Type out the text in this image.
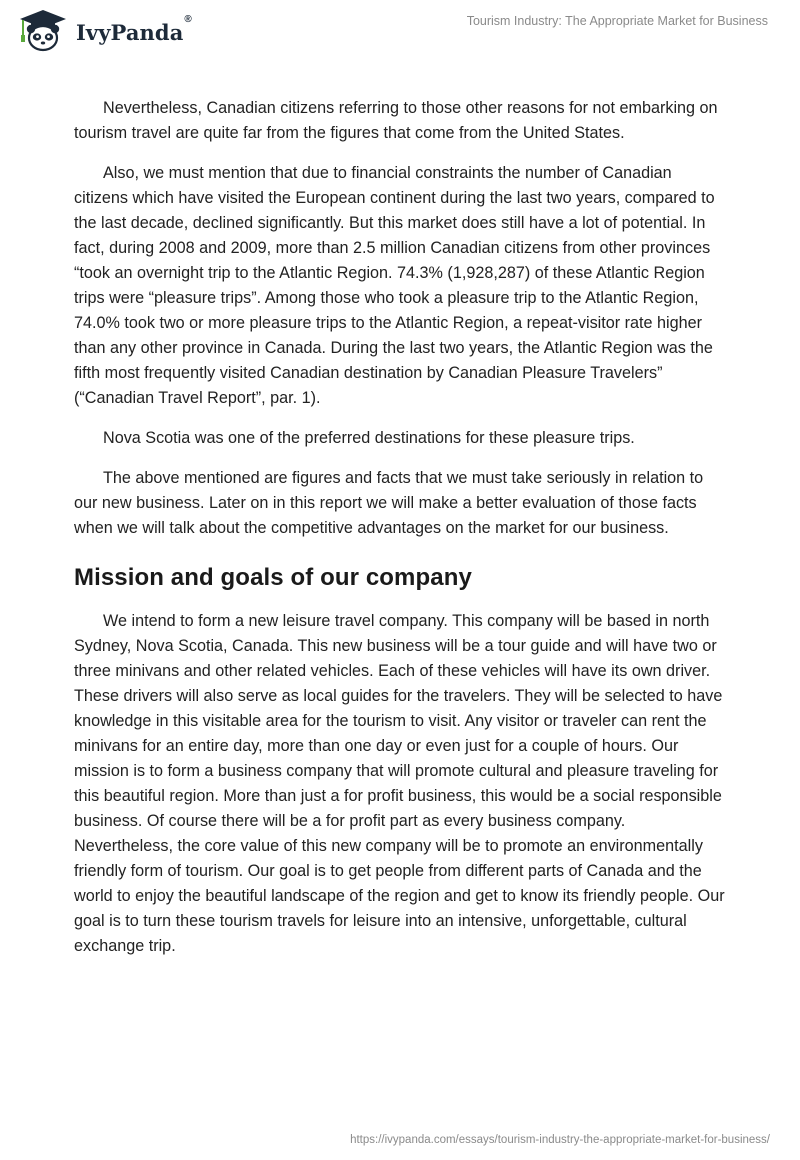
IvyPanda®	Tourism Industry: The Appropriate Market for Business

Nevertheless, Canadian citizens referring to those other reasons for not embarking on tourism travel are quite far from the figures that come from the United States.

Also, we must mention that due to financial constraints the number of Canadian citizens which have visited the European continent during the last two years, compared to the last decade, declined significantly. But this market does still have a lot of potential. In fact, during 2008 and 2009, more than 2.5 million Canadian citizens from other provinces “took an overnight trip to the Atlantic Region. 74.3% (1,928,287) of these Atlantic Region trips were “pleasure trips”. Among those who took a pleasure trip to the Atlantic Region, 74.0% took two or more pleasure trips to the Atlantic Region, a repeat-visitor rate higher than any other province in Canada. During the last two years, the Atlantic Region was the fifth most frequently visited Canadian destination by Canadian Pleasure Travelers” (“Canadian Travel Report”, par. 1).

Nova Scotia was one of the preferred destinations for these pleasure trips.

The above mentioned are figures and facts that we must take seriously in relation to our new business. Later on in this report we will make a better evaluation of those facts when we will talk about the competitive advantages on the market for our business.

Mission and goals of our company

We intend to form a new leisure travel company. This company will be based in north Sydney, Nova Scotia, Canada. This new business will be a tour guide and will have two or three minivans and other related vehicles. Each of these vehicles will have its own driver. These drivers will also serve as local guides for the travelers. They will be selected to have knowledge in this visitable area for the tourism to visit. Any visitor or traveler can rent the minivans for an entire day, more than one day or even just for a couple of hours. Our mission is to form a business company that will promote cultural and pleasure traveling for this beautiful region. More than just a for profit business, this would be a social responsible business. Of course there will be a for profit part as every business company. Nevertheless, the core value of this new company will be to promote an environmentally friendly form of tourism. Our goal is to get people from different parts of Canada and the world to enjoy the beautiful landscape of the region and get to know its friendly people. Our goal is to turn these tourism travels for leisure into an intensive, unforgettable, cultural exchange trip.

https://ivypanda.com/essays/tourism-industry-the-appropriate-market-for-business/
